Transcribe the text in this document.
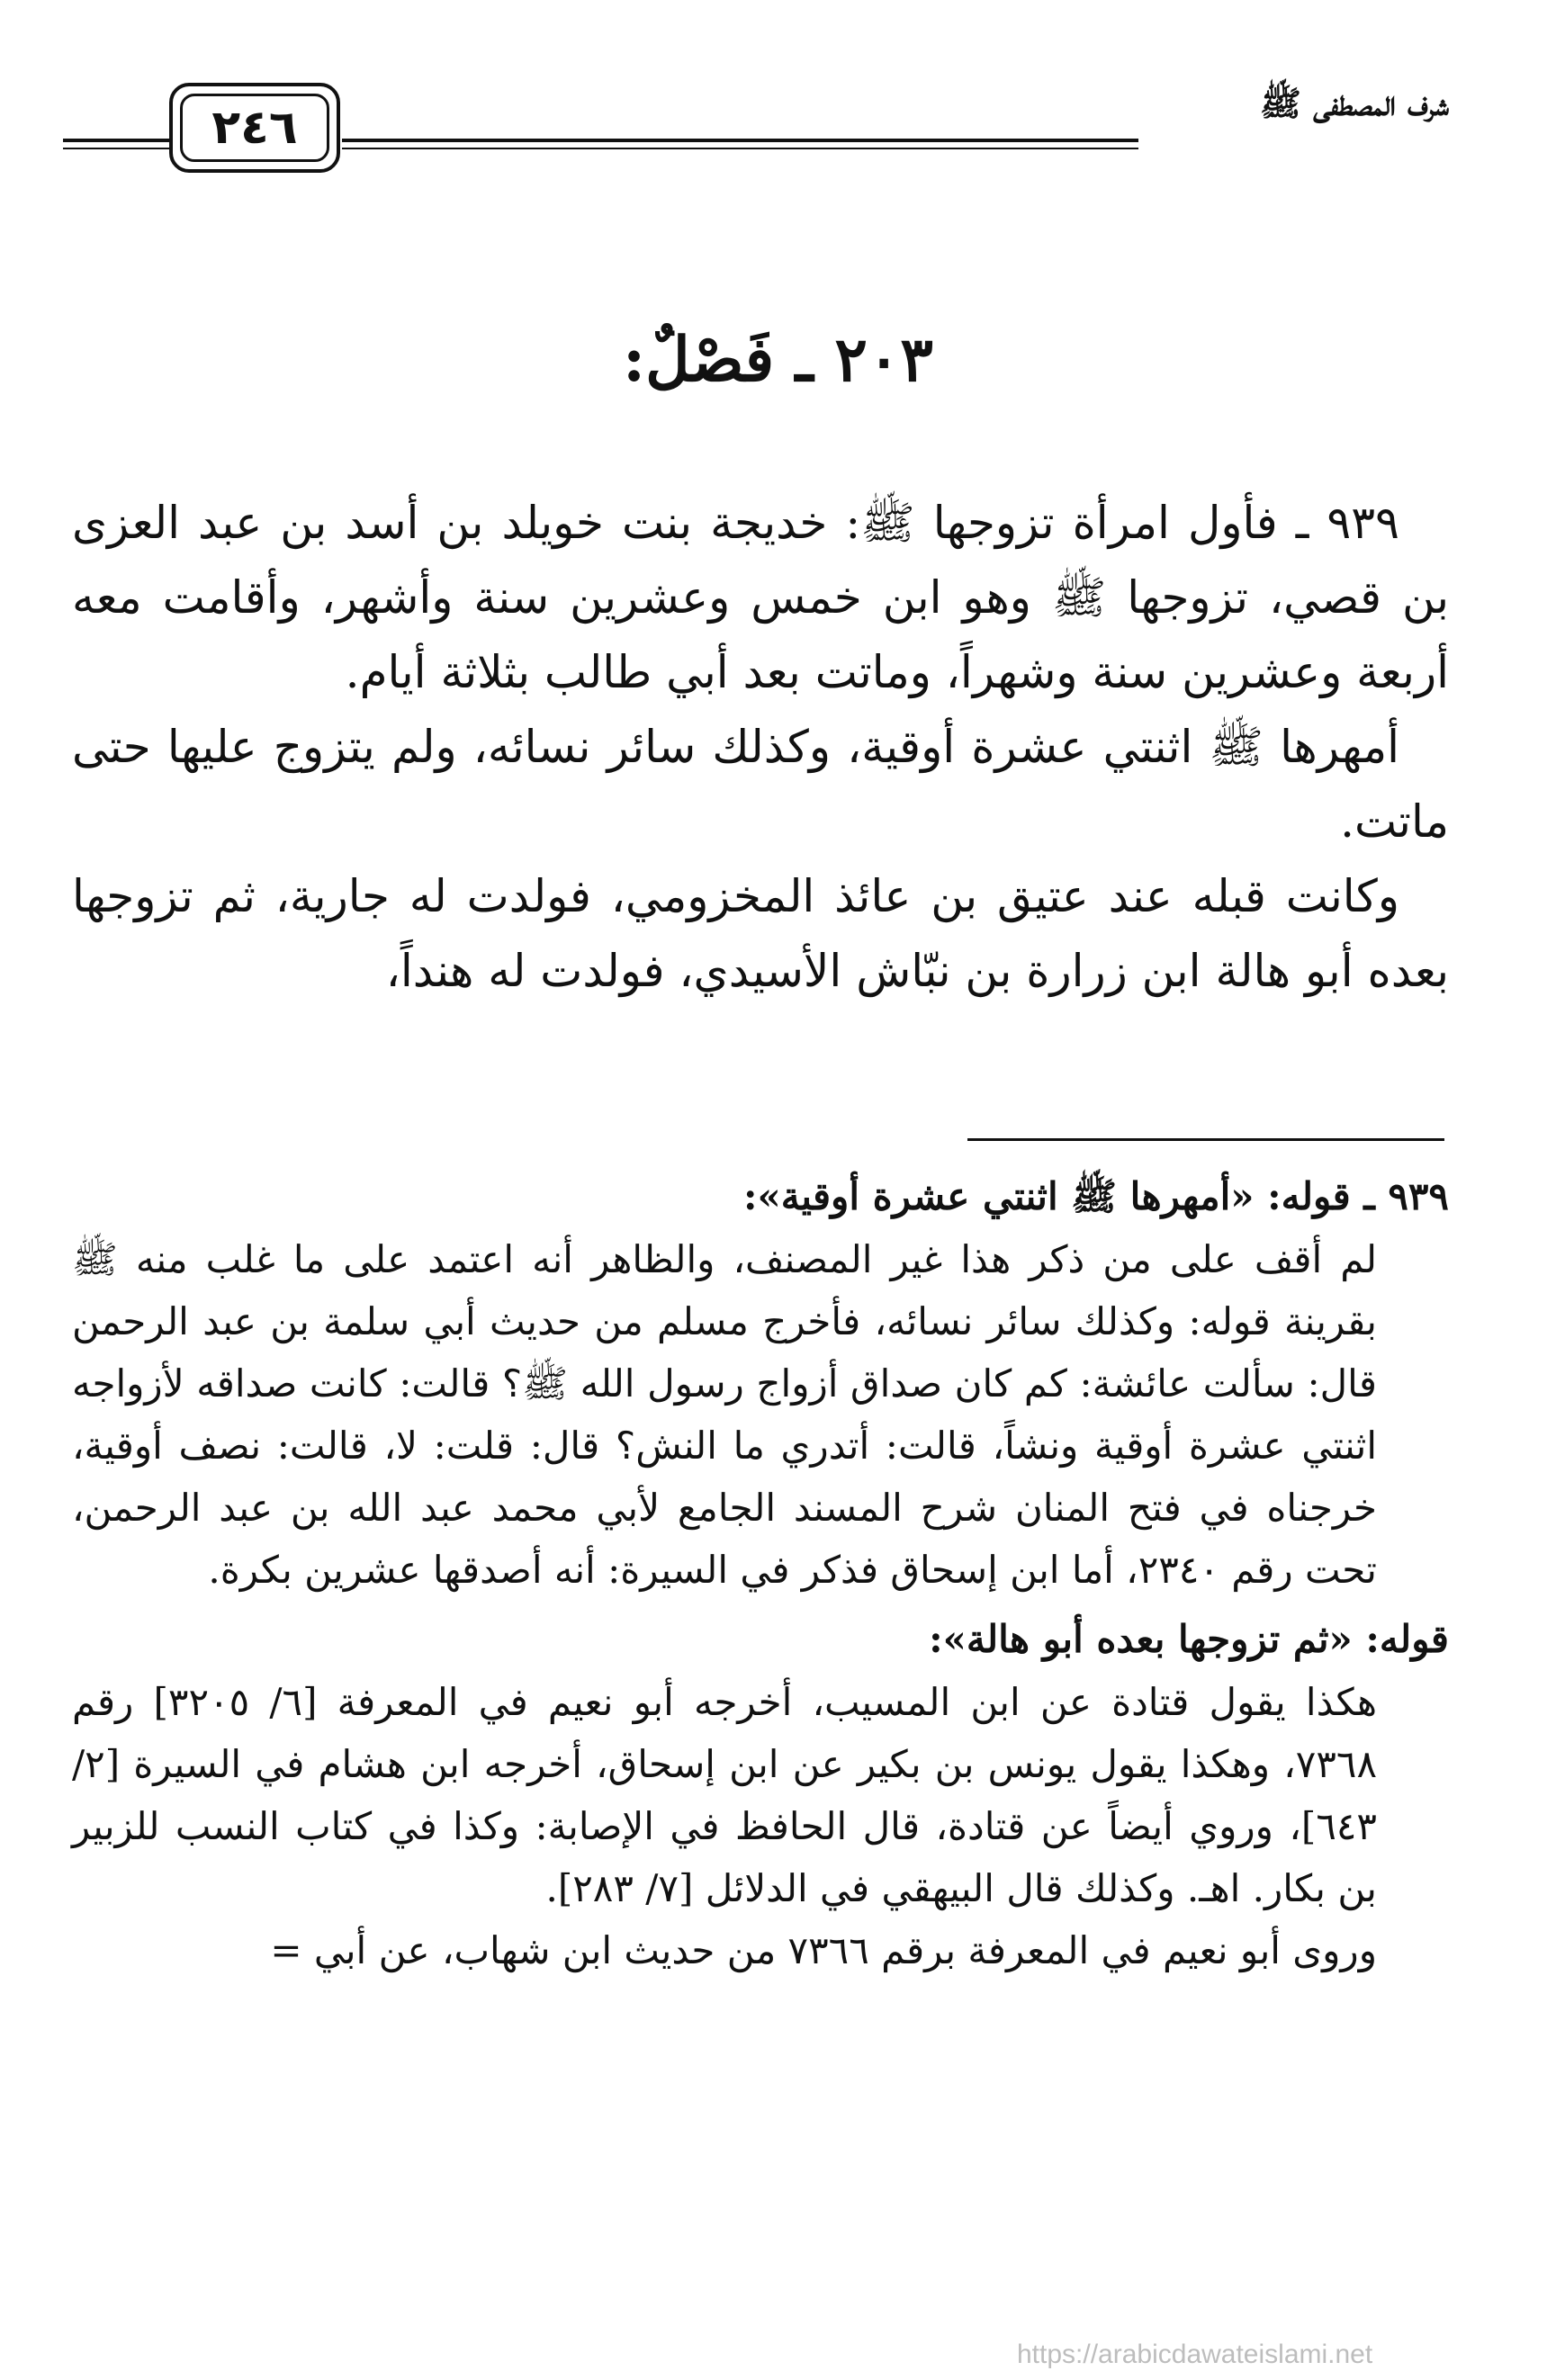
شرف المصطفى ﷺ
٢٤٦
٢٠٣ ـ فَصْلٌ:

٩٣٩ ـ فأول امرأة تزوجها ﷺ: خديجة بنت خويلد بن أسد بن عبد العزى بن قصي، تزوجها ﷺ وهو ابن خمس وعشرين سنة وأشهر، وأقامت معه أربعة وعشرين سنة وشهراً، وماتت بعد أبي طالب بثلاثة أيام.

أمهرها ﷺ اثنتي عشرة أوقية، وكذلك سائر نسائه، ولم يتزوج عليها حتى ماتت.

وكانت قبله عند عتيق بن عائذ المخزومي، فولدت له جارية، ثم تزوجها بعده أبو هالة ابن زرارة بن نبّاش الأسيدي، فولدت له هنداً،

٩٣٩ ـ قوله: «أمهرها ﷺ اثنتي عشرة أوقية»:

لم أقف على من ذكر هذا غير المصنف، والظاهر أنه اعتمد على ما غلب منه ﷺ بقرينة قوله: وكذلك سائر نسائه، فأخرج مسلم من حديث أبي سلمة بن عبد الرحمن قال: سألت عائشة: كم كان صداق أزواج رسول الله ﷺ؟ قالت: كانت صداقه لأزواجه اثنتي عشرة أوقية ونشاً، قالت: أتدري ما النش؟ قال: قلت: لا، قالت: نصف أوقية، خرجناه في فتح المنان شرح المسند الجامع لأبي محمد عبد الله بن عبد الرحمن، تحت رقم ٢٣٤٠، أما ابن إسحاق فذكر في السيرة: أنه أصدقها عشرين بكرة.

قوله: «ثم تزوجها بعده أبو هالة»:

هكذا يقول قتادة عن ابن المسيب، أخرجه أبو نعيم في المعرفة [٦/ ٣٢٠٥] رقم ٧٣٦٨، وهكذا يقول يونس بن بكير عن ابن إسحاق، أخرجه ابن هشام في السيرة [٢/ ٦٤٣]، وروي أيضاً عن قتادة، قال الحافظ في الإصابة: وكذا في كتاب النسب للزبير بن بكار. اهـ. وكذلك قال البيهقي في الدلائل [٧/ ٢٨٣].

وروى أبو نعيم في المعرفة برقم ٧٣٦٦ من حديث ابن شهاب، عن أبي =

https://arabicdawateislami.net
